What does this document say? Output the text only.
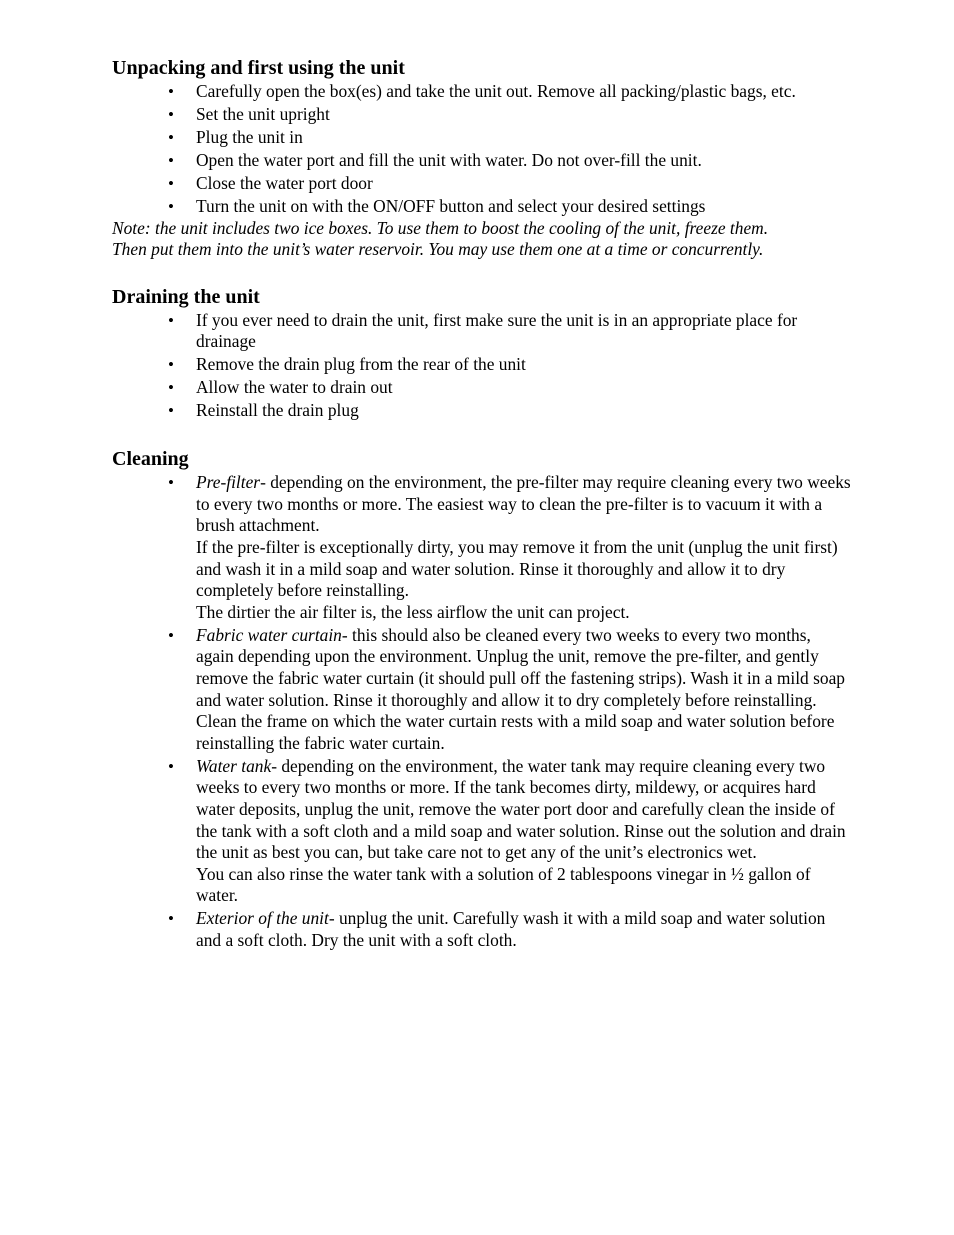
Unpacking and first using the unit
• Carefully open the box(es) and take the unit out. Remove all packing/plastic bags, etc.
• Set the unit upright
• Plug the unit in
• Open the water port and fill the unit with water. Do not over-fill the unit.
• Close the water port door
• Turn the unit on with the ON/OFF button and select your desired settings

Note: the unit includes two ice boxes. To use them to boost the cooling of the unit, freeze them.

Then put them into the unit’s water reservoir. You may use them one at a time or concurrently.

Draining the unit
• If you ever need to drain the unit, first make sure the unit is in an appropriate place for drainage
• Remove the drain plug from the rear of the unit
• Allow the water to drain out
• Reinstall the drain plug
Cleaning
• Pre-filter- depending on the environment, the pre-filter may require cleaning every two weeks to every two months or more. The easiest way to clean the pre-filter is to vacuum it with a brush attachment.

If the pre-filter is exceptionally dirty, you may remove it from the unit (unplug the unit first) and wash it in a mild soap and water solution. Rinse it thoroughly and allow it to dry completely before reinstalling.

The dirtier the air filter is, the less airflow the unit can project.

• Fabric water curtain- this should also be cleaned every two weeks to every two months, again depending upon the environment. Unplug the unit, remove the pre-filter, and gently remove the fabric water curtain (it should pull off the fastening strips). Wash it in a mild soap and water solution. Rinse it thoroughly and allow it to dry completely before reinstalling.

Clean the frame on which the water curtain rests with a mild soap and water solution before reinstalling the fabric water curtain.

• Water tank- depending on the environment, the water tank may require cleaning every two weeks to every two months or more. If the tank becomes dirty, mildewy, or acquires hard water deposits, unplug the unit, remove the water port door and carefully clean the inside of the tank with a soft cloth and a mild soap and water solution. Rinse out the solution and drain the unit as best you can, but take care not to get any of the unit’s electronics wet.

You can also rinse the water tank with a solution of 2 tablespoons vinegar in ½ gallon of water.

• Exterior of the unit- unplug the unit. Carefully wash it with a mild soap and water solution and a soft cloth. Dry the unit with a soft cloth.
